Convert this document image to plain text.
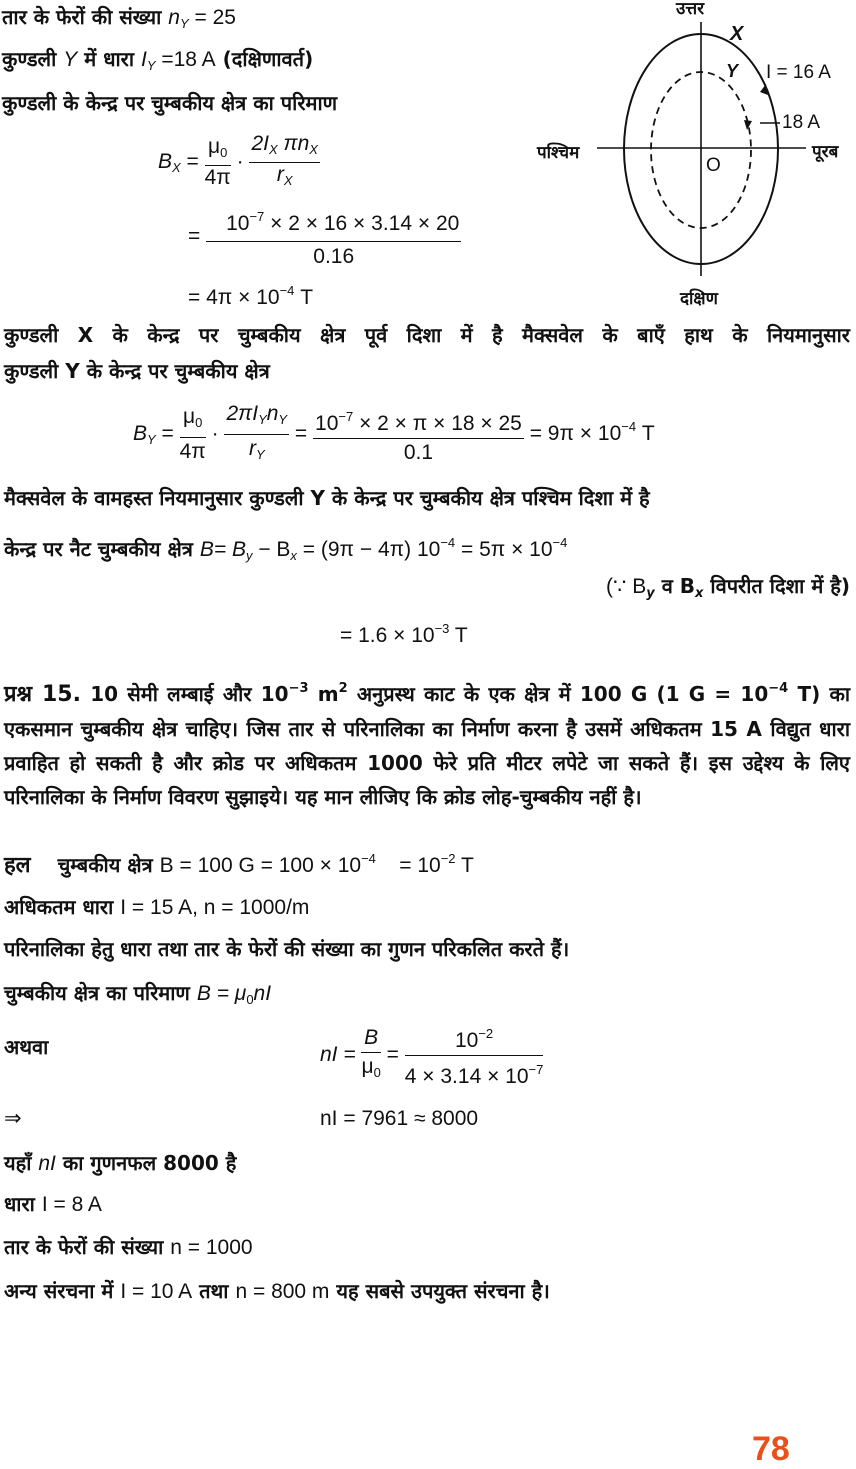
तार के फेरों की संख्या $n_Y = 25$
कुण्डली Y में धारा $I_Y =18$ A (दक्षिणावर्त)
कुण्डली के केन्द्र पर चुम्बकीय क्षेत्र का परिमाण
$B_X = \frac{\mu_0}{4\pi} \cdot \frac{2I_X \pi n_X}{r_X}$
= $\frac{10^{-7} \times 2 \times 16 \times 3.14 \times 20}{0.16}$
= $4\pi \times 10^{-4}$ T
उत्तर
दक्षिण
पश्चिम	पूरब
X
Y I = 16 A
18 A
O
कुण्डली X के केन्द्र पर चुम्बकीय क्षेत्र पूर्व दिशा में है मैक्सवेल के बाएँ हाथ के नियमानुसार
कुण्डली Y के केन्द्र पर चुम्बकीय क्षेत्र
$B_Y = \frac{\mu_0}{4\pi} \cdot \frac{2\pi I_Yn_Y}{r_Y} = \frac{10^{-7} \times 2 \times \pi \times 18 \times 25}{0.1} = 9\pi \times 10^{-4}$ T
मैक्सवेल के वामहस्त नियमानुसार कुण्डली Y के केन्द्र पर चुम्बकीय क्षेत्र पश्चिम दिशा में है
केन्द्र पर नैट चुम्बकीय क्षेत्र $B= B_y - B_x = (9\pi - 4\pi) 10^{-4} = 5\pi \times 10^{-4}$
(∵ $B_y$ व $B_x$ विपरीत दिशा में है)
= $1.6 \times 10^{-3}$ T
प्रश्न 15. 10 सेमी लम्बाई और $10^{-3}$ $m^2$ अनुप्रस्थ काट के एक क्षेत्र में 100 G (1 $G = 10^{-4}$ T) का एकसमान चुम्बकीय क्षेत्र चाहिए। जिस तार से परिनालिका का निर्माण करना है उसमें अधिकतम 15 A विद्युत धारा प्रवाहित हो सकती है और क्रोड पर अधिकतम 1000 फेरे प्रति मीटर लपेटे जा सकते हैं। इस उद्देश्य के लिए परिनालिका के निर्माण विवरण सुझाइये। यह मान लीजिए कि क्रोड लोह-चुम्बकीय नहीं है।
हल चुम्बकीय क्षेत्र B = 100 $G = 100 \times 10^{-4} = 10^{-2}$ T
अधिकतम धारा I = 15 A, n = 1000/m
परिनालिका हेतु धारा तथा तार के फेरों की संख्या का गुणन परिकलित करते हैं।
चुम्बकीय क्षेत्र का परिमाण $B = \mu_0nI$
अथवा	nI = $\frac{B}{\mu_0} = \frac{10^{-2}}{4 \times 3.14 \times 10^{-7}}$
⇒	nI = 7961 ≈ 8000
यहाँ nI का गुणनफल 8000 है
धारा I = 8 A
तार के फेरों की संख्या n = 1000
अन्य संरचना में I = 10 A तथा n = 800 m यह सबसे उपयुक्त संरचना है।
78
